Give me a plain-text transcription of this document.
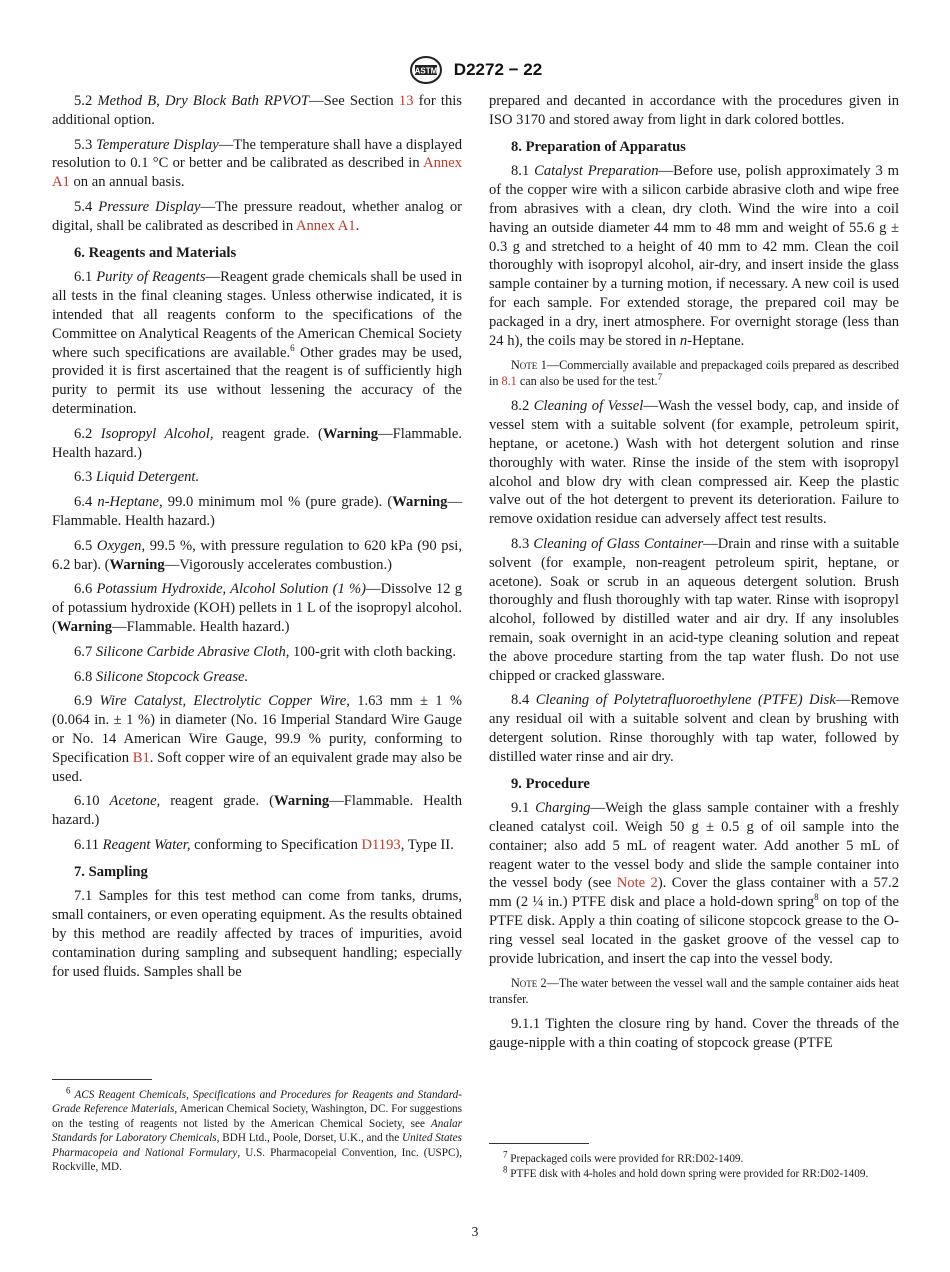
ASTM D2272 − 22

5.2 Method B, Dry Block Bath RPVOT—See Section 13 for this additional option.

5.3 Temperature Display—The temperature shall have a displayed resolution to 0.1 °C or better and be calibrated as described in Annex A1 on an annual basis.

5.4 Pressure Display—The pressure readout, whether analog or digital, shall be calibrated as described in Annex A1.

6. Reagents and Materials

6.1 Purity of Reagents—Reagent grade chemicals shall be used in all tests in the final cleaning stages. Unless otherwise indicated, it is intended that all reagents conform to the specifications of the Committee on Analytical Reagents of the American Chemical Society where such specifications are available.$^6$ Other grades may be used, provided it is first ascertained that the reagent is of sufficiently high purity to permit its use without lessening the accuracy of the determination.

6.2 Isopropyl Alcohol, reagent grade. (Warning—Flammable. Health hazard.)

6.3 Liquid Detergent.

6.4 n-Heptane, 99.0 minimum mol % (pure grade). (Warning—Flammable. Health hazard.)

6.5 Oxygen, 99.5 %, with pressure regulation to 620 kPa (90 psi, 6.2 bar). (Warning—Vigorously accelerates combustion.)

6.6 Potassium Hydroxide, Alcohol Solution (1 %)—Dissolve 12 g of potassium hydroxide (KOH) pellets in 1 L of the isopropyl alcohol. (Warning—Flammable. Health hazard.)

6.7 Silicone Carbide Abrasive Cloth, 100-grit with cloth backing.

6.8 Silicone Stopcock Grease.

6.9 Wire Catalyst, Electrolytic Copper Wire, 1.63 mm ± 1 % (0.064 in. ± 1 %) in diameter (No. 16 Imperial Standard Wire Gauge or No. 14 American Wire Gauge, 99.9 % purity, conforming to Specification B1. Soft copper wire of an equivalent grade may also be used.

6.10 Acetone, reagent grade. (Warning—Flammable. Health hazard.)

6.11 Reagent Water, conforming to Specification D1193, Type II.

7. Sampling

7.1 Samples for this test method can come from tanks, drums, small containers, or even operating equipment. As the results obtained by this method are readily affected by traces of impurities, avoid contamination during sampling and subsequent handling; especially for used fluids. Samples shall be

prepared and decanted in accordance with the procedures given in ISO 3170 and stored away from light in dark colored bottles.

8. Preparation of Apparatus

8.1 Catalyst Preparation—Before use, polish approximately 3 m of the copper wire with a silicon carbide abrasive cloth and wipe free from abrasives with a clean, dry cloth. Wind the wire into a coil having an outside diameter 44 mm to 48 mm and weight of 55.6 g ± 0.3 g and stretched to a height of 40 mm to 42 mm. Clean the coil thoroughly with isopropyl alcohol, air-dry, and insert inside the glass sample container by a turning motion, if necessary. A new coil is used for each sample. For extended storage, the prepared coil may be packaged in a dry, inert atmosphere. For overnight storage (less than 24 h), the coils may be stored in n-Heptane.

Note 1—Commercially available and prepackaged coils prepared as described in 8.1 can also be used for the test.$^7$

8.2 Cleaning of Vessel—Wash the vessel body, cap, and inside of vessel stem with a suitable solvent (for example, petroleum spirit, heptane, or acetone.) Wash with hot detergent solution and rinse thoroughly with water. Rinse the inside of the stem with isopropyl alcohol and blow dry with clean compressed air. Keep the plastic valve out of the hot detergent to prevent its deterioration. Failure to remove oxidation residue can adversely affect test results.

8.3 Cleaning of Glass Container—Drain and rinse with a suitable solvent (for example, non-reagent petroleum spirit, heptane, or acetone). Soak or scrub in an aqueous detergent solution. Brush thoroughly and flush thoroughly with tap water. Rinse with isopropyl alcohol, followed by distilled water and air dry. If any insolubles remain, soak overnight in an acid-type cleaning solution and repeat the above procedure starting from the tap water flush. Do not use chipped or cracked glassware.

8.4 Cleaning of Polytetrafluoroethylene (PTFE) Disk—Remove any residual oil with a suitable solvent and clean by brushing with detergent solution. Rinse thoroughly with tap water, followed by distilled water rinse and air dry.

9. Procedure

9.1 Charging—Weigh the glass sample container with a freshly cleaned catalyst coil. Weigh 50 g ± 0.5 g of oil sample into the container; also add 5 mL of reagent water. Add another 5 mL of reagent water to the vessel body and slide the sample container into the vessel body (see Note 2). Cover the glass container with a 57.2 mm (2 ¼ in.) PTFE disk and place a hold-down spring$^8$ on top of the PTFE disk. Apply a thin coating of silicone stopcock grease to the O-ring vessel seal located in the gasket groove of the vessel cap to provide lubrication, and insert the cap into the vessel body.

Note 2—The water between the vessel wall and the sample container aids heat transfer.

9.1.1 Tighten the closure ring by hand. Cover the threads of the gauge-nipple with a thin coating of stopcock grease (PTFE

$^6$ ACS Reagent Chemicals, Specifications and Procedures for Reagents and Standard-Grade Reference Materials, American Chemical Society, Washington, DC. For suggestions on the testing of reagents not listed by the American Chemical Society, see Analar Standards for Laboratory Chemicals, BDH Ltd., Poole, Dorset, U.K., and the United States Pharmacopeia and National Formulary, U.S. Pharmacopeial Convention, Inc. (USPC), Rockville, MD.

$^7$ Prepackaged coils were provided for RR:D02-1409.

$^8$ PTFE disk with 4-holes and hold down spring were provided for RR:D02-1409.

3
